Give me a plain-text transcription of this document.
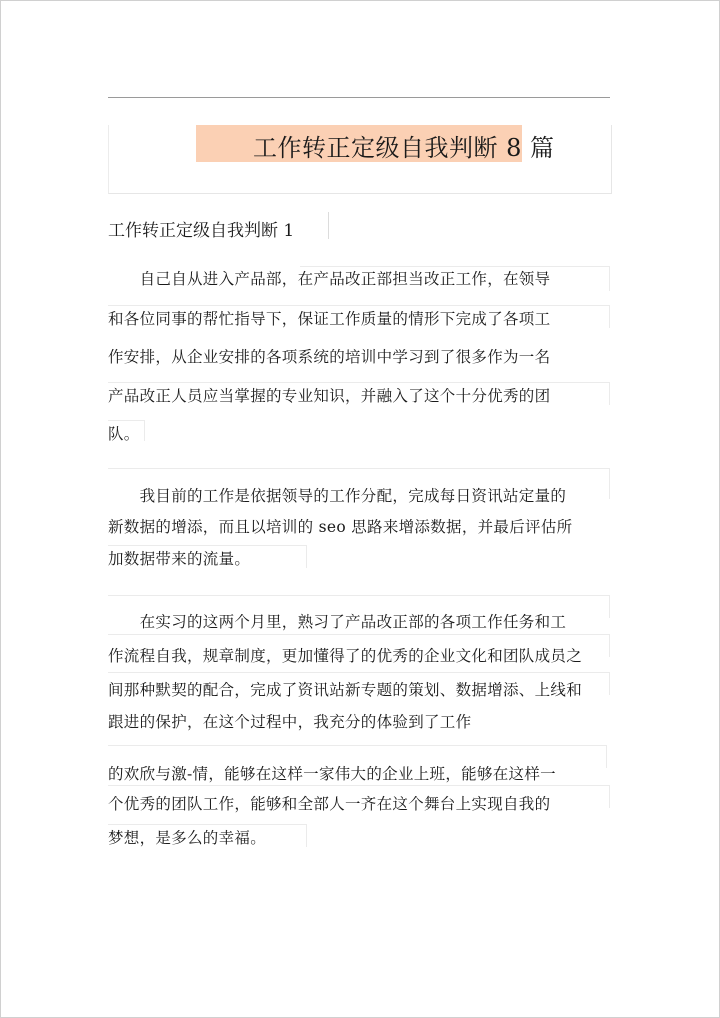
工作转正定级自我判断 8 篇
工作转正定级自我判断 1
　　自己自从进入产品部，在产品改正部担当改正工作，在领导
和各位同事的帮忙指导下，保证工作质量的情形下完成了各项工
作安排，从企业安排的各项系统的培训中学习到了很多作为一名
产品改正人员应当掌握的专业知识，并融入了这个十分优秀的团
队。
　　我目前的工作是依据领导的工作分配，完成每日资讯站定量的
新数据的增添，而且以培训的 seo 思路来增添数据，并最后评估所
加数据带来的流量。
　　在实习的这两个月里，熟习了产品改正部的各项工作任务和工
作流程自我，规章制度，更加懂得了的优秀的企业文化和团队成员之
间那种默契的配合，完成了资讯站新专题的策划、数据增添、上线和
跟进的保护，在这个过程中，我充分的体验到了工作
的欢欣与激-情，能够在这样一家伟大的企业上班，能够在这样一
个优秀的团队工作，能够和全部人一齐在这个舞台上实现自我的
梦想，是多么的幸福。
